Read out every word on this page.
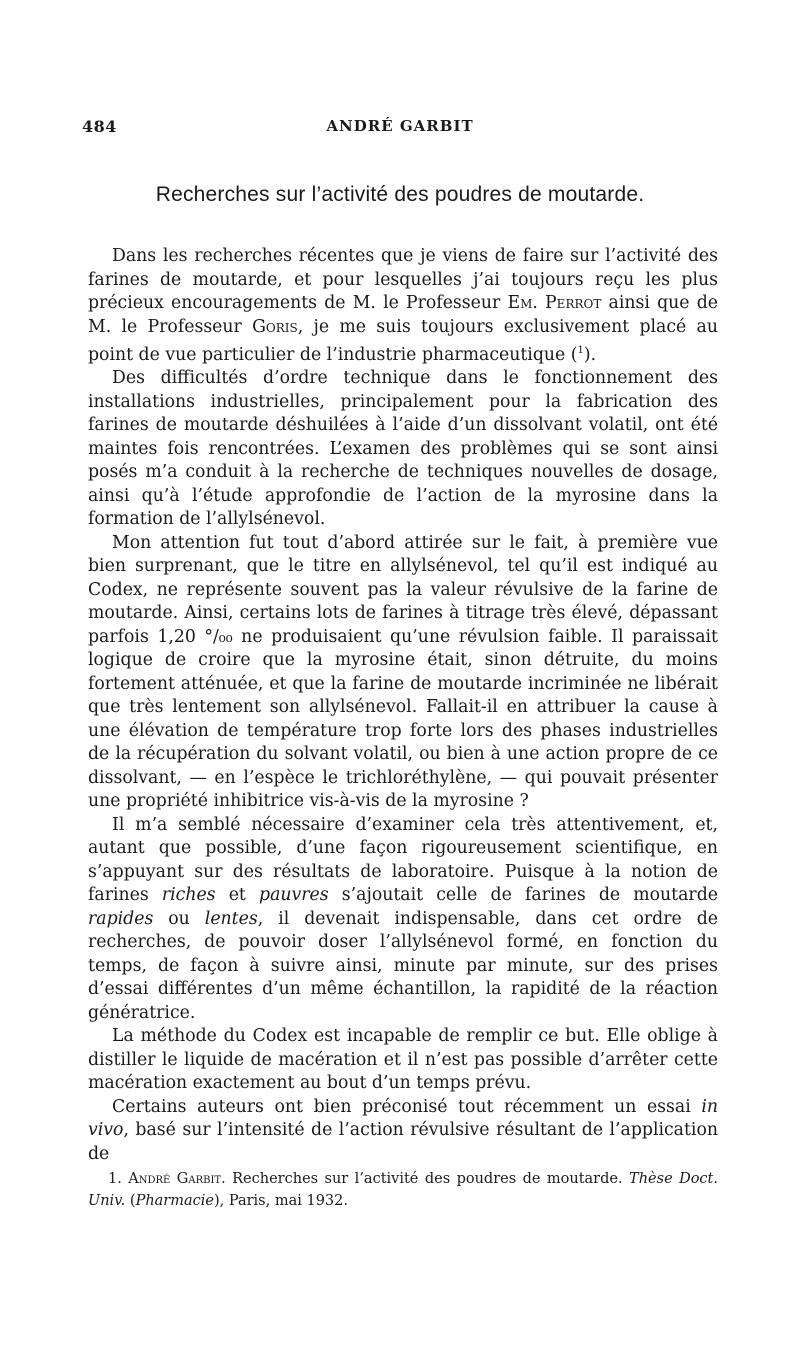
484	ANDRÉ GARBIT
Recherches sur l’activité des poudres de moutarde.

Dans les recherches récentes que je viens de faire sur l’activité des farines de moutarde, et pour lesquelles j’ai toujours reçu les plus précieux encouragements de M. le Professeur Em. Perrot ainsi que de M. le Professeur Goris, je me suis toujours exclusivement placé au point de vue particulier de l’industrie pharmaceutique ($^1$).

Des difficultés d’ordre technique dans le fonctionnement des installations industrielles, principalement pour la fabrication des farines de moutarde déshuilées à l’aide d’un dissolvant volatil, ont été maintes fois rencontrées. L’examen des problèmes qui se sont ainsi posés m’a conduit à la recherche de techniques nouvelles de dosage, ainsi qu’à l’étude approfondie de l’action de la myrosine dans la formation de l’allylsénevol.

Mon attention fut tout d’abord attirée sur le fait, à première vue bien surprenant, que le titre en allylsénevol, tel qu’il est indiqué au Codex, ne représente souvent pas la valeur révulsive de la farine de moutarde. Ainsi, certains lots de farines à titrage très élevé, dépassant parfois 1,20 °/₀₀ ne produisaient qu’une révulsion faible. Il paraissait logique de croire que la myrosine était, sinon détruite, du moins fortement atténuée, et que la farine de moutarde incriminée ne libérait que très lentement son allylsénevol. Fallait-il en attribuer la cause à une élévation de température trop forte lors des phases industrielles de la récupération du solvant volatil, ou bien à une action propre de ce dissolvant, — en l’espèce le trichloréthylène, — qui pouvait présenter une propriété inhibitrice vis-à-vis de la myrosine ?

Il m’a semblé nécessaire d’examiner cela très attentivement, et, autant que possible, d’une façon rigoureusement scientifique, en s’appuyant sur des résultats de laboratoire. Puisque à la notion de farines riches et pauvres s’ajoutait celle de farines de moutarde rapides ou lentes, il devenait indispensable, dans cet ordre de recherches, de pouvoir doser l’allylsénevol formé, en fonction du temps, de façon à suivre ainsi, minute par minute, sur des prises d’essai différentes d’un même échantillon, la rapidité de la réaction génératrice.

La méthode du Codex est incapable de remplir ce but. Elle oblige à distiller le liquide de macération et il n’est pas possible d’arrêter cette macération exactement au bout d’un temps prévu.

Certains auteurs ont bien préconisé tout récemment un essai in vivo, basé sur l’intensité de l’action révulsive résultant de l’application de

1. André Garbit. Recherches sur l’activité des poudres de moutarde. Thèse Doct. Univ. (Pharmacie), Paris, mai 1932.
